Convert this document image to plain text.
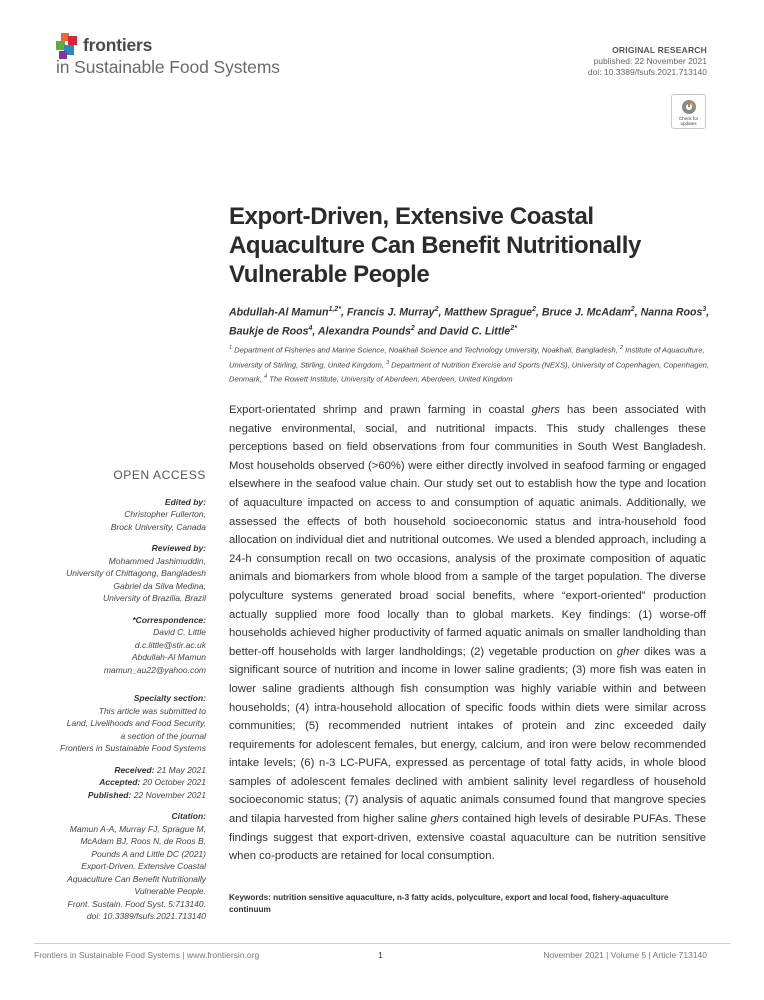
frontiers
in Sustainable Food Systems
ORIGINAL RESEARCH
published: 22 November 2021
doi: 10.3389/fsufs.2021.713140
Check for
updates
Export-Driven, Extensive Coastal Aquaculture Can Benefit Nutritionally Vulnerable People
Abdullah-Al Mamun$^{1,2*}$, Francis J. Murray$^2$, Matthew Sprague$^2$, Bruce J. McAdam$^2$, Nanna Roos$^3$, Baukje de Roos$^4$, Alexandra Pounds$^2$ and David C. Little$^{2*}$
$^1$ Department of Fisheries and Marine Science, Noakhali Science and Technology University, Noakhali, Bangladesh, $^2$ Institute of Aquaculture, University of Stirling, Stirling, United Kingdom, $^3$ Department of Nutrition Exercise and Sports (NEXS), University of Copenhagen, Copenhagen, Denmark, $^4$ The Rowett Institute, University of Aberdeen, Aberdeen, United Kingdom
Export-orientated shrimp and prawn farming in coastal ghers has been associated with negative environmental, social, and nutritional impacts. This study challenges these perceptions based on field observations from four communities in South West Bangladesh. Most households observed (>60%) were either directly involved in seafood farming or engaged elsewhere in the seafood value chain. Our study set out to establish how the type and location of aquaculture impacted on access to and consumption of aquatic animals. Additionally, we assessed the effects of both household socioeconomic status and intra-household food allocation on individual diet and nutritional outcomes. We used a blended approach, including a 24-h consumption recall on two occasions, analysis of the proximate composition of aquatic animals and biomarkers from whole blood from a sample of the target population. The diverse polyculture systems generated broad social benefits, where “export-oriented” production actually supplied more food locally than to global markets. Key findings: (1) worse-off households achieved higher productivity of farmed aquatic animals on smaller landholding than better-off households with larger landholdings; (2) vegetable production on gher dikes was a significant source of nutrition and income in lower saline gradients; (3) more fish was eaten in lower saline gradients although fish consumption was highly variable within and between households; (4) intra-household allocation of specific foods within diets were similar across communities; (5) recommended nutrient intakes of protein and zinc exceeded daily requirements for adolescent females, but energy, calcium, and iron were below recommended intake levels; (6) n-3 LC-PUFA, expressed as percentage of total fatty acids, in whole blood samples of adolescent females declined with ambient salinity level regardless of household socioeconomic status; (7) analysis of aquatic animals consumed found that mangrove species and tilapia harvested from higher saline ghers contained high levels of desirable PUFAs. These findings suggest that export-driven, extensive coastal aquaculture can be nutrition sensitive when co-products are retained for local consumption.
Keywords: nutrition sensitive aquaculture, n-3 fatty acids, polyculture, export and local food, fishery-aquaculture continuum
OPEN ACCESS
Edited by:
Christopher Fullerton,
Brock University, Canada
Reviewed by:
Mohammed Jashimuddin,
University of Chittagong, Bangladesh
Gabriel da Silva Medina,
University of Brazilia, Brazil
*Correspondence:
David C. Little
d.c.little@stir.ac.uk
Abdullah-Al Mamun
mamun_au22@yahoo.com
Specialty section:
This article was submitted to
Land, Livelihoods and Food Security,
a section of the journal
Frontiers in Sustainable Food Systems
Received: 21 May 2021
Accepted: 20 October 2021
Published: 22 November 2021
Citation:
Mamun A-A, Murray FJ, Sprague M,
McAdam BJ, Roos N, de Roos B,
Pounds A and Little DC (2021)
Export-Driven, Extensive Coastal
Aquaculture Can Benefit Nutritionally
Vulnerable People.
Front. Sustain. Food Syst. 5:713140.
doi: 10.3389/fsufs.2021.713140
Frontiers in Sustainable Food Systems | www.frontiersin.org	1	November 2021 | Volume 5 | Article 713140
